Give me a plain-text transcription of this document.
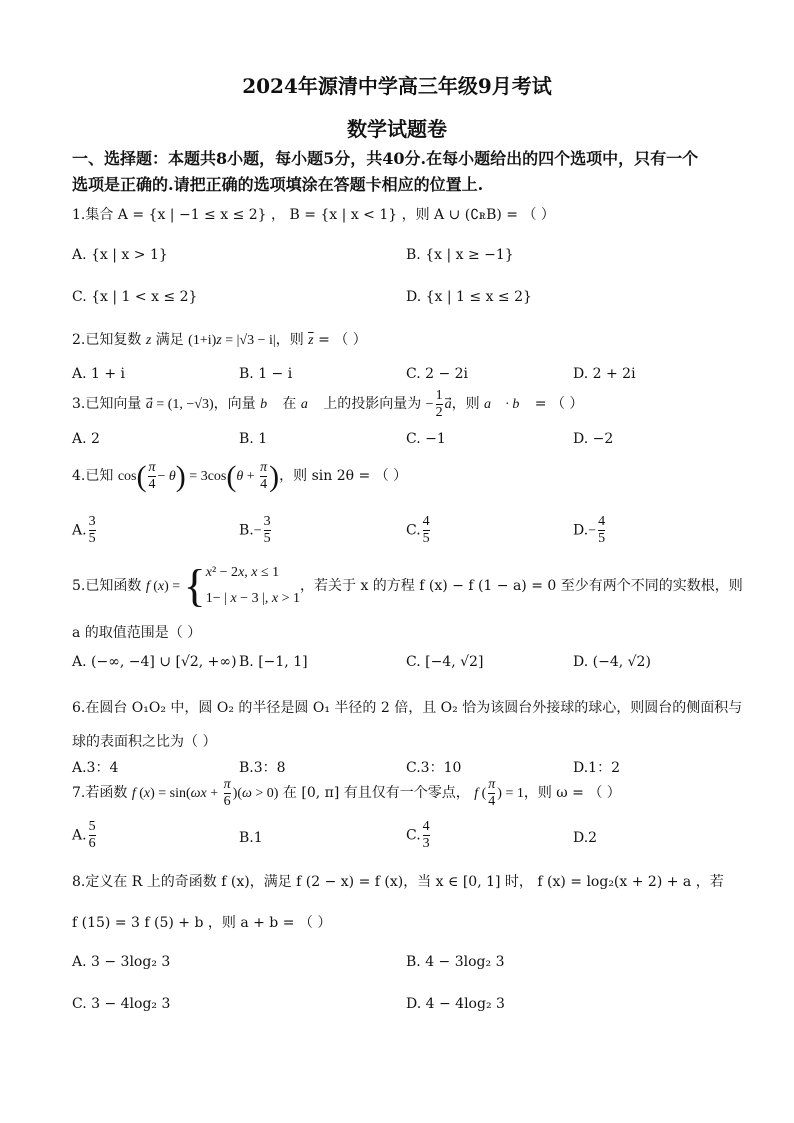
2024年源清中学高三年级9月考试
数学试题卷
一、选择题：本题共8小题，每小题5分，共40分.在每小题给出的四个选项中，只有一个
选项是正确的.请把正确的选项填涂在答题卡相应的位置上.
1.集合 A = {x | −1 ≤ x ≤ 2} ， B = {x | x < 1} ，则 A ∪ (∁ꭱB) = （ ）
A. {x | x > 1}	B. {x | x ≥ −1}
C. {x | 1 < x ≤ 2}	D. {x | 1 ≤ x ≤ 2}
2.已知复数 z 满足 (1+i)z = |√3 − i|，则 $\overline{z}$ = （ ）
A. 1 + i	B. 1 − i	C. 2 − 2i	D. 2 + 2i
3.已知向量 a⃗ = (1, −√3)，向量 b⃗ 在 a⃗ 上的投影向量为 − $\frac{1}{2}$ a，则 a⃗ · b⃗ = （ ）
A. 2	B. 1	C. −1	D. −2
4.已知 $\cos( \frac{\pi}{4} - \theta) = 3\cos(\theta + \frac{\pi}{4}$ )，则 sin 2θ = （ ）
A. $\frac{3}{5}$	$B.- \frac{3}{5}$	C. $\frac{4}{5}$	$D.- \frac{4}{5}$
5.已知函数 f (x) = { x² − 2x, x ≤ 1
1− | x − 3 |, x > 1
，若关于 x 的方程 f (x) − f (1 − a) = 0 至少有两个不同的实数根，则
a 的取值范围是（ ）
A. (−∞, −4] ∪ [√2, +∞) B. [−1, 1]	C. [−4, √2]	D. (−4, √2)
6.在圆台 O₁O₂ 中，圆 O₂ 的半径是圆 O₁ 半径的 2 倍，且 O₂ 恰为该圆台外接球的球心，则圆台的侧面积与
球的表面积之比为（ ）
A.3：4	B.3：8	C.3：10	D.1：2
7.若函数 f $(x) = \sin(\omega x + \frac{\pi}{6} )(\omega > 0)$ 在 [0, π] 有且仅有一个零点， f ( $\frac{\pi}{4}$ ) = 1，则 ω = （ ）
A. $\frac{5}{6}$	B.1	C. $\frac{4}{3}$	D.2
8.定义在 R 上的奇函数 f (x)，满足 f (2 − x) = f (x)，当 x ∈ [0, 1] 时， f (x) = log₂(x + 2) + a ，若
f (15) = 3 f (5) + b ，则 a + b = （ ）
A. 3 − 3log₂ 3	B. 4 − 3log₂ 3
C. 3 − 4log₂ 3	D. 4 − 4log₂ 3
